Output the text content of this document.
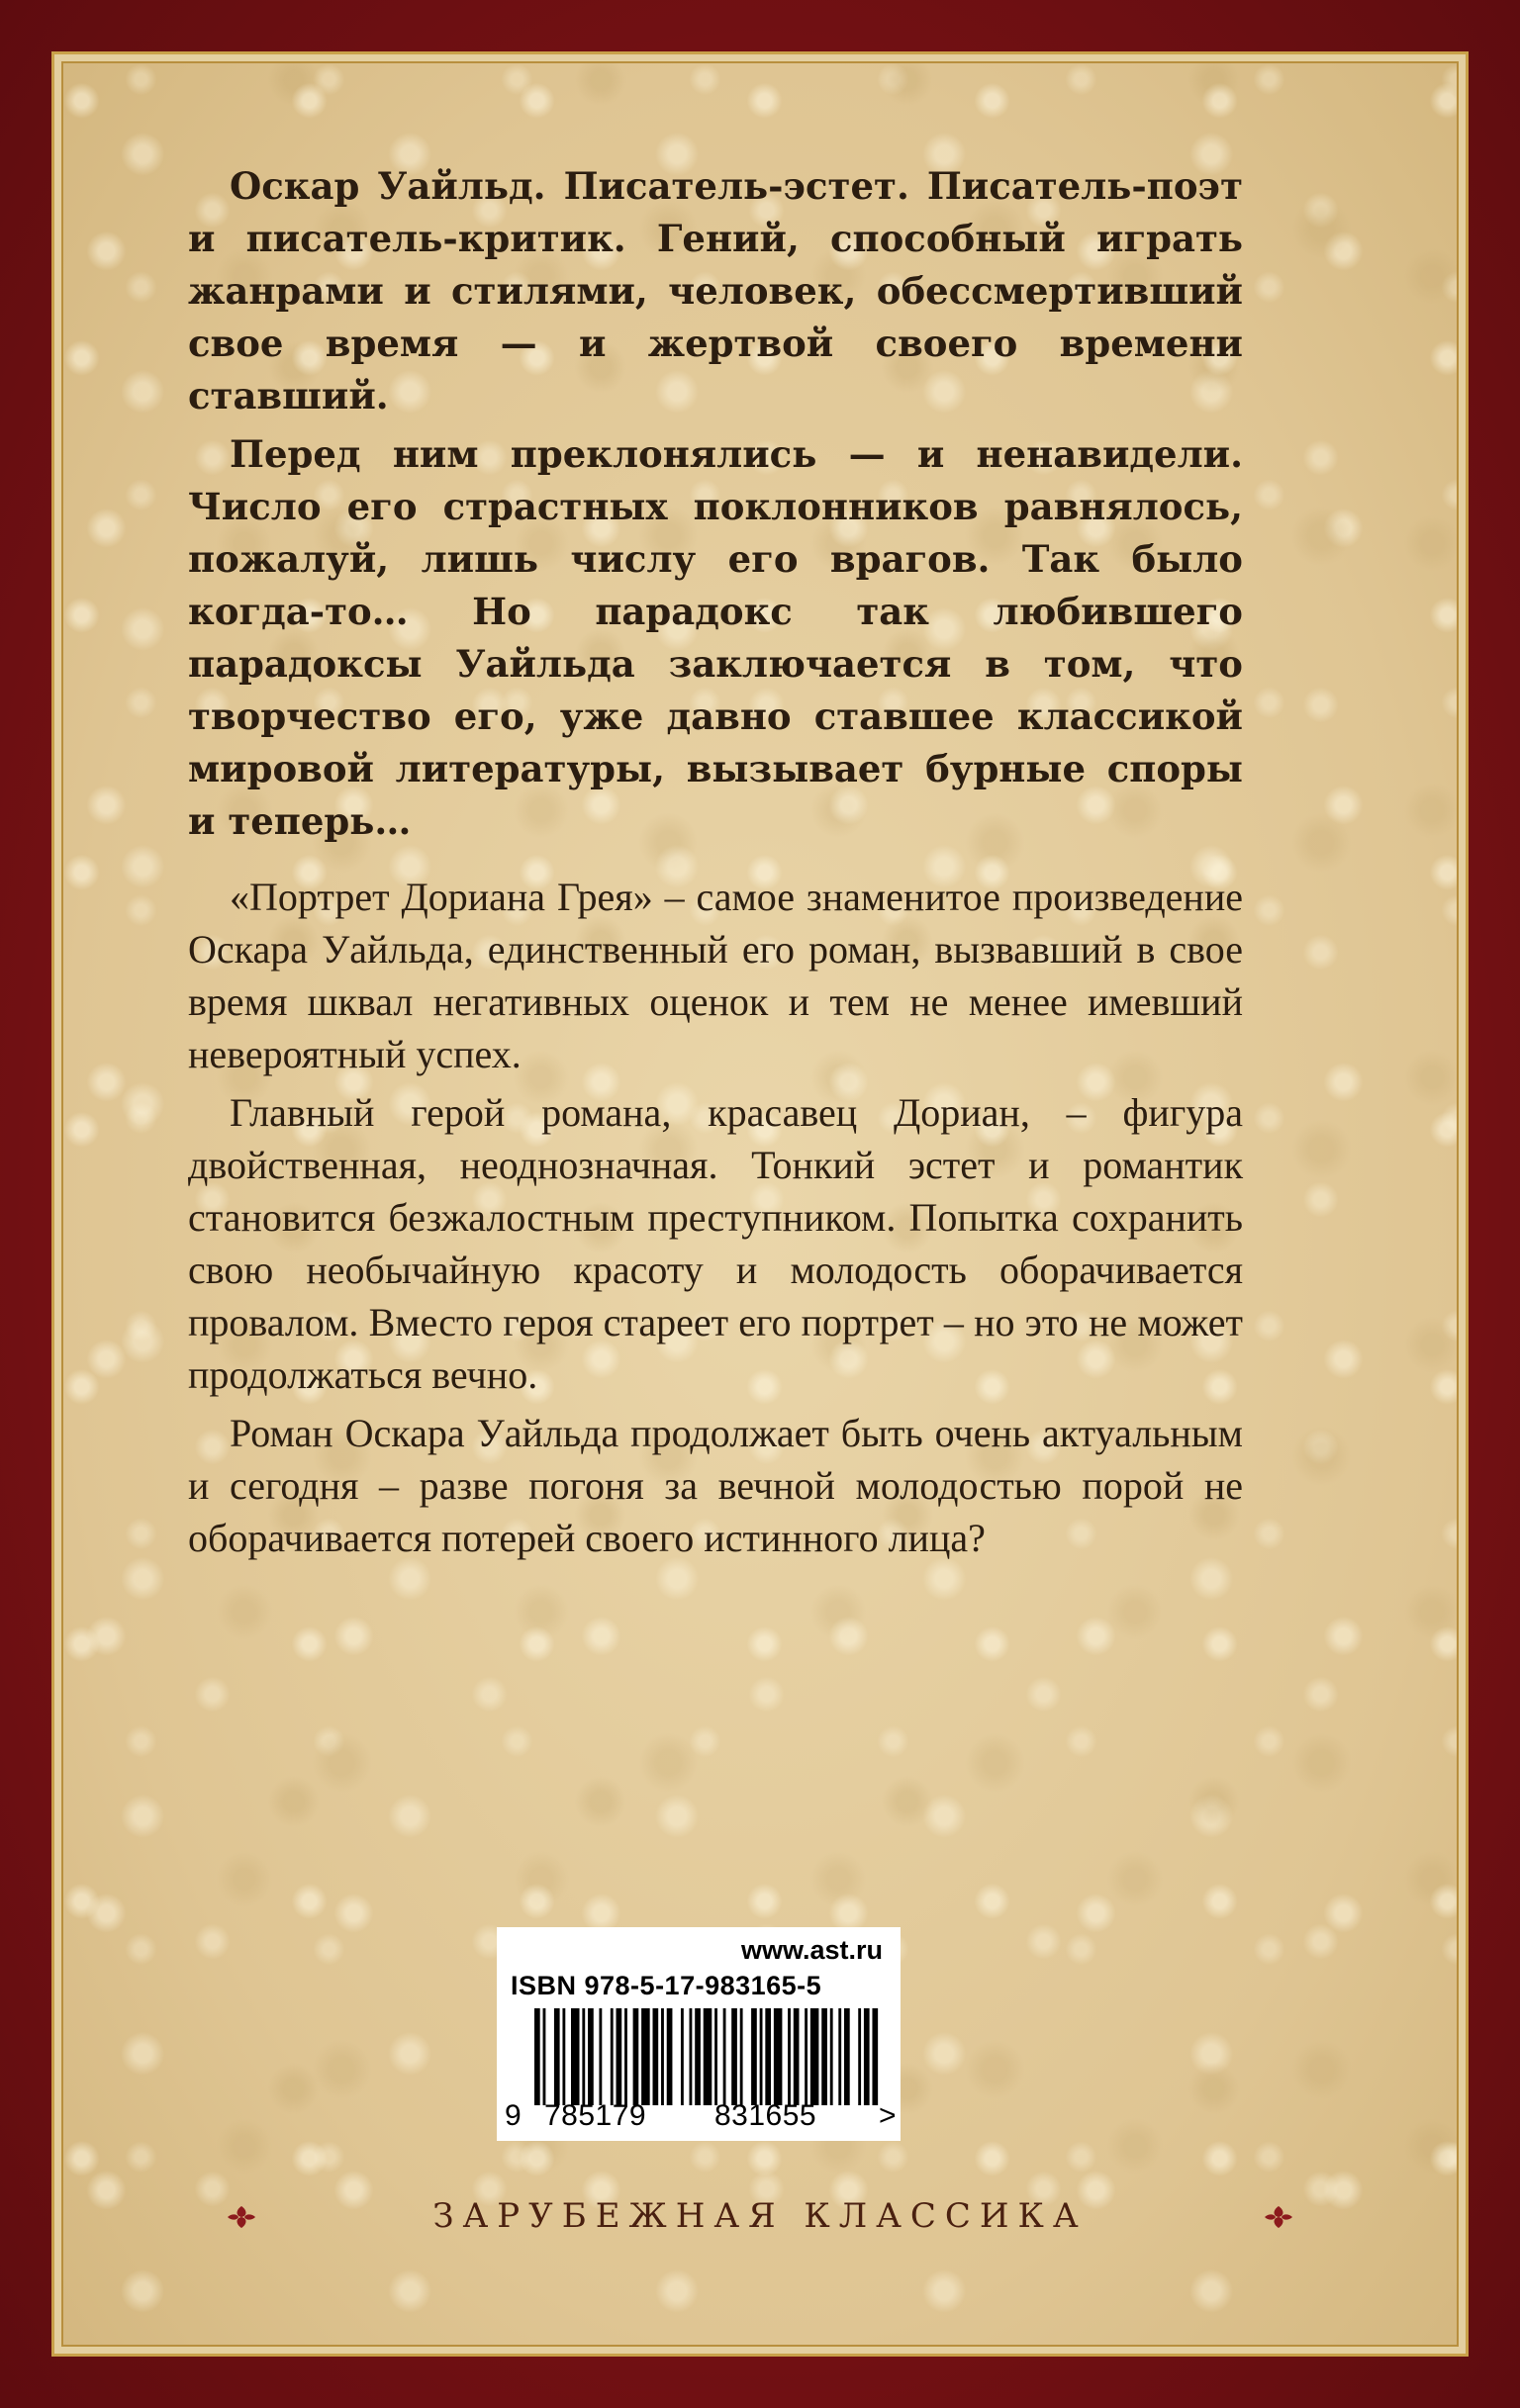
Оскар Уайльд. Писатель-эстет. Писатель-поэт и писатель-критик. Гений, способный играть жанрами и стилями, человек, обессмертивший свое время — и жертвой своего времени ставший.

Перед ним преклонялись — и ненавидели. Число его страстных поклонников равнялось, пожалуй, лишь числу его врагов. Так было когда-то… Но парадокс так любившего парадоксы Уайльда заключается в том, что творчество его, уже давно ставшее классикой мировой литературы, вызывает бурные споры и теперь…

«Портрет Дориана Грея» – самое знаменитое произведение Оскара Уайльда, единственный его роман, вызвавший в свое время шквал негативных оценок и тем не менее имевший невероятный успех.

Главный герой романа, красавец Дориан, – фигура двойственная, неоднозначная. Тонкий эстет и романтик становится безжалостным преступником. Попытка сохранить свою необычайную красоту и молодость оборачивается провалом. Вместо героя стареет его портрет – но это не может продолжаться вечно.

Роман Оскара Уайльда продолжает быть очень актуальным и сегодня – разве погоня за вечной молодостью порой не оборачивается потерей своего истинного лица?

www.ast.ru
ISBN 978-5-17-983165-5
9 785179 831655 >
ЗАРУБЕЖНАЯ КЛАССИКА
